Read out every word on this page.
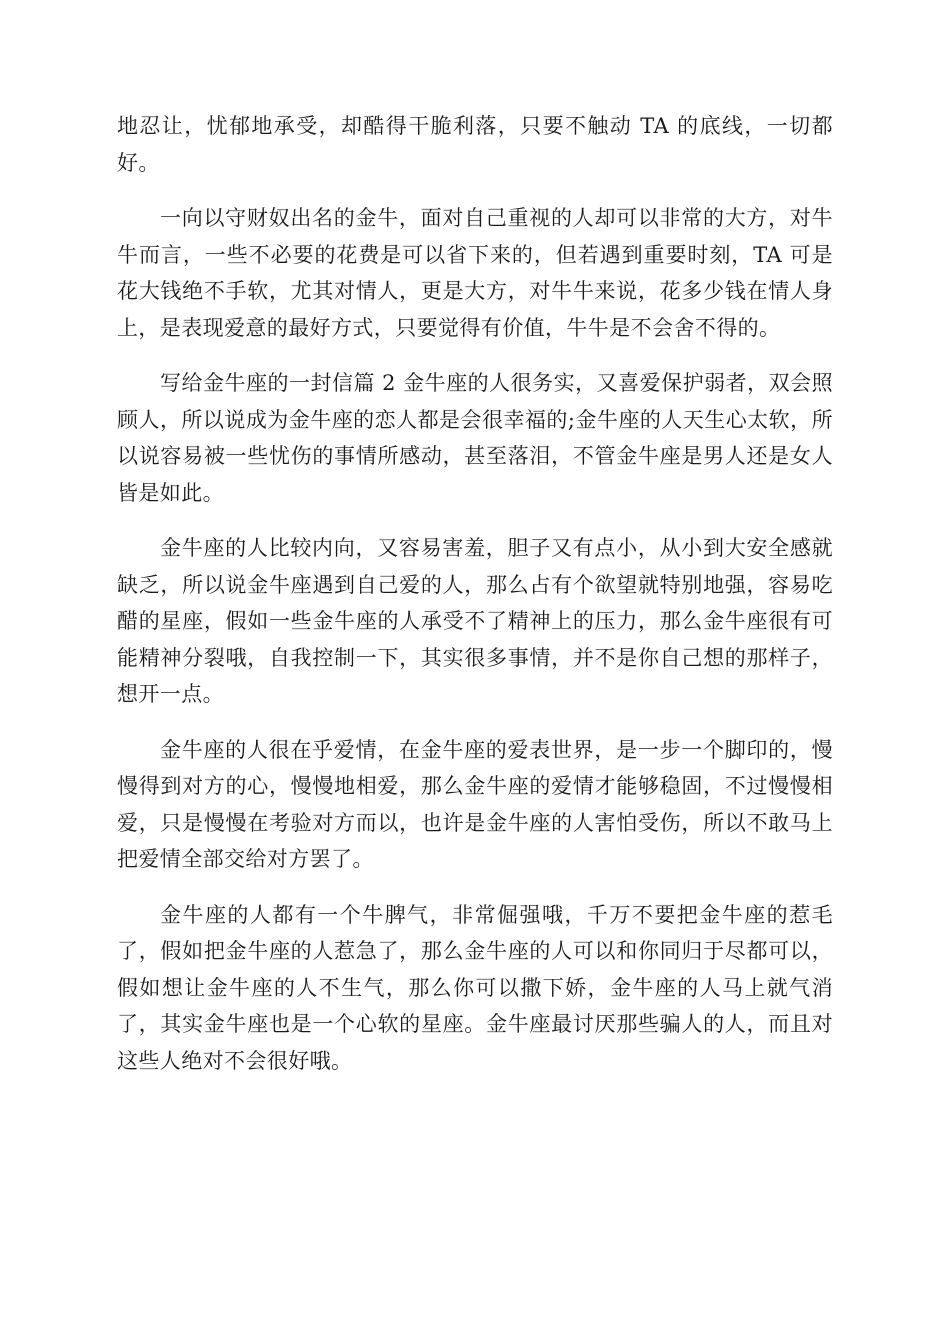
地忍让，忧郁地承受，却酷得干脆利落，只要不触动 TA 的底线，一切都好。

一向以守财奴出名的金牛，面对自己重视的人却可以非常的大方，对牛牛而言，一些不必要的花费是可以省下来的，但若遇到重要时刻，TA 可是花大钱绝不手软，尤其对情人，更是大方，对牛牛来说，花多少钱在情人身上，是表现爱意的最好方式，只要觉得有价值，牛牛是不会舍不得的。

写给金牛座的一封信篇 2 金牛座的人很务实，又喜爱保护弱者，双会照顾人，所以说成为金牛座的恋人都是会很幸福的;金牛座的人天生心太软，所以说容易被一些忧伤的事情所感动，甚至落泪，不管金牛座是男人还是女人皆是如此。

金牛座的人比较内向，又容易害羞，胆子又有点小，从小到大安全感就缺乏，所以说金牛座遇到自己爱的人，那么占有个欲望就特别地强，容易吃醋的星座，假如一些金牛座的人承受不了精神上的压力，那么金牛座很有可能精神分裂哦，自我控制一下，其实很多事情，并不是你自己想的那样子，想开一点。

金牛座的人很在乎爱情，在金牛座的爱表世界，是一步一个脚印的，慢慢得到对方的心，慢慢地相爱，那么金牛座的爱情才能够稳固，不过慢慢相爱，只是慢慢在考验对方而以，也许是金牛座的人害怕受伤，所以不敢马上把爱情全部交给对方罢了。

金牛座的人都有一个牛脾气，非常倔强哦，千万不要把金牛座的惹毛了，假如把金牛座的人惹急了，那么金牛座的人可以和你同归于尽都可以，假如想让金牛座的人不生气，那么你可以撒下娇，金牛座的人马上就气消了，其实金牛座也是一个心软的星座。金牛座最讨厌那些骗人的人，而且对这些人绝对不会很好哦。
